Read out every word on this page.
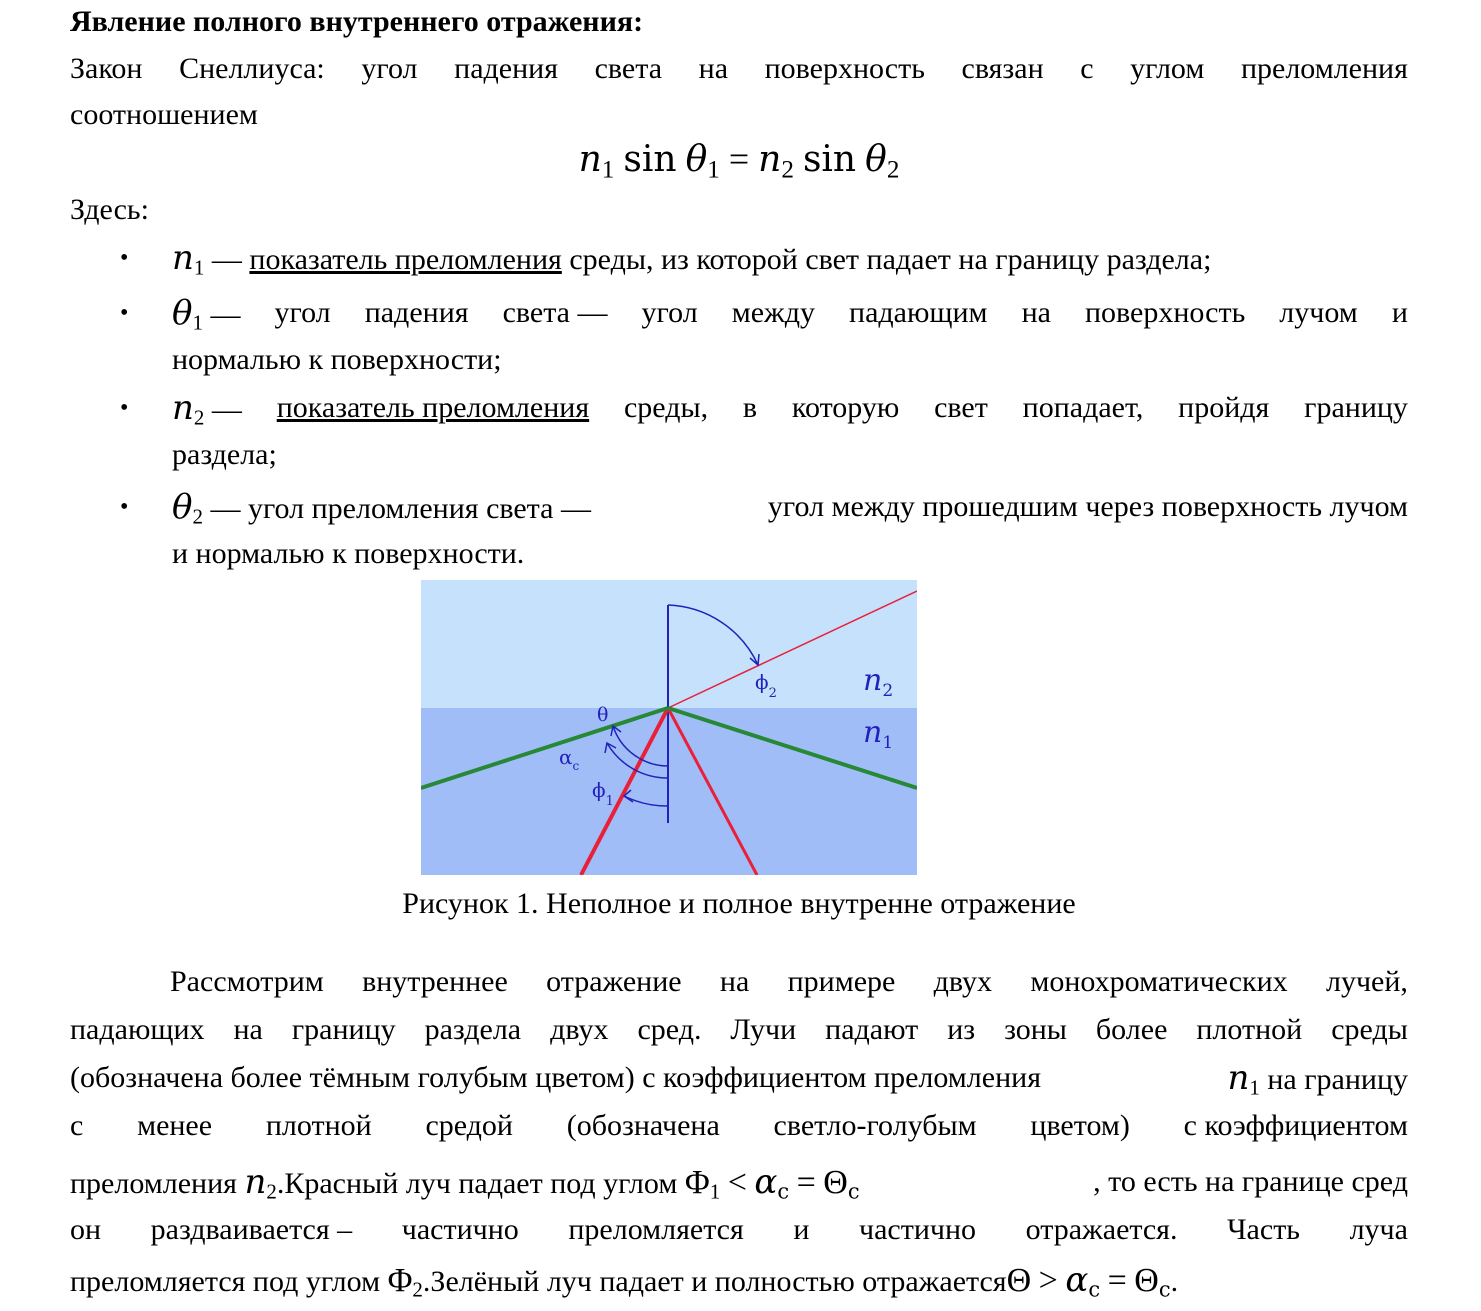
Явление полного внутреннего отражения:
Закон Снеллиуса: угол падения света на поверхность связан с углом преломления
соотношением
$n_1$ $\sin \theta_1 = n_2$ $\sin \theta_2$
Здесь:
• $n_1$ — показатель преломления среды, из которой свет падает на границу раздела;
• $\theta_1$ — угол падения света — угол между падающим на поверхность лучом и
нормалью к поверхности;
• $n_2$ — показатель преломления среды, в которую свет попадает, пройдя границу
раздела;
• $\theta_2$ — угол преломления света —	угол между прошедшим через поверхность лучом
и нормалью к поверхности.
$\phi_2$	$n_2$
$n_1$
θ
$\alpha_c$
$\phi_1$
Рисунок 1. Неполное и полное внутренне отражение
Рассмотрим внутреннее отражение на примере двух монохроматических лучей,
падающих на границу раздела двух сред. Лучи падают из зоны более плотной среды
(обозначена более тёмным голубым цветом) с коэффициентом преломления	$n_1$ на границу
с менее плотной средой (обозначена светло-голубым цветом) с коэффициентом
преломления $n_2.Красный$ луч падает под углом $\Phi_1 < \alpha_c = \Theta_c$	, то есть на границе сред
он раздваивается – частично преломляется и частично отражается. Часть луча
преломляется под углом $\Phi_2.Зелёный$ луч падает и полностью отражаетсяΘ > $\alpha_c = \Theta_c$.
